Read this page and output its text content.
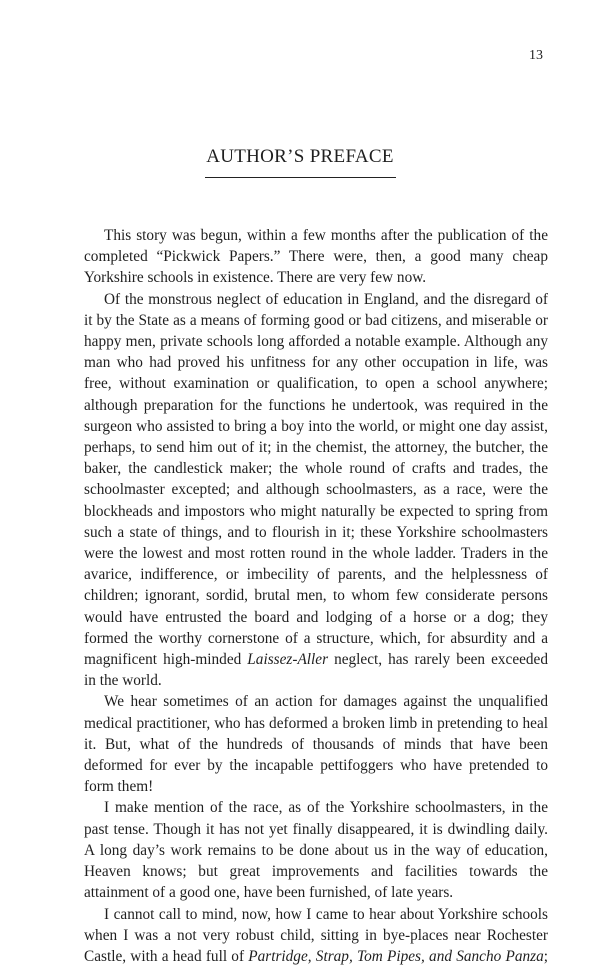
13
AUTHOR’S PREFACE

This story was begun, within a few months after the publication of the completed “Pickwick Papers.” There were, then, a good many cheap Yorkshire schools in existence. There are very few now.

Of the monstrous neglect of education in England, and the disregard of it by the State as a means of forming good or bad citizens, and miserable or happy men, private schools long afforded a notable example. Although any man who had proved his unfitness for any other occupation in life, was free, without examination or qualification, to open a school anywhere; although preparation for the functions he undertook, was required in the surgeon who assisted to bring a boy into the world, or might one day assist, perhaps, to send him out of it; in the chemist, the attorney, the butcher, the baker, the candlestick maker; the whole round of crafts and trades, the schoolmaster excepted; and although schoolmasters, as a race, were the blockheads and impostors who might naturally be expected to spring from such a state of things, and to flourish in it; these Yorkshire schoolmasters were the lowest and most rotten round in the whole ladder. Traders in the avarice, indifference, or imbecility of parents, and the helplessness of children; ignorant, sordid, brutal men, to whom few considerate persons would have entrusted the board and lodging of a horse or a dog; they formed the worthy cornerstone of a structure, which, for absurdity and a magnificent high-minded Laissez-Aller neglect, has rarely been exceeded in the world.

We hear sometimes of an action for damages against the unqualified medical practitioner, who has deformed a broken limb in pretending to heal it. But, what of the hundreds of thousands of minds that have been deformed for ever by the incapable pettifoggers who have pretended to form them!

I make mention of the race, as of the Yorkshire schoolmasters, in the past tense. Though it has not yet finally disappeared, it is dwindling daily. A long day’s work remains to be done about us in the way of education, Heaven knows; but great improvements and facilities towards the attainment of a good one, have been furnished, of late years.

I cannot call to mind, now, how I came to hear about Yorkshire schools when I was a not very robust child, sitting in bye-places near Rochester Castle, with a head full of Partridge, Strap, Tom Pipes, and Sancho Panza;
